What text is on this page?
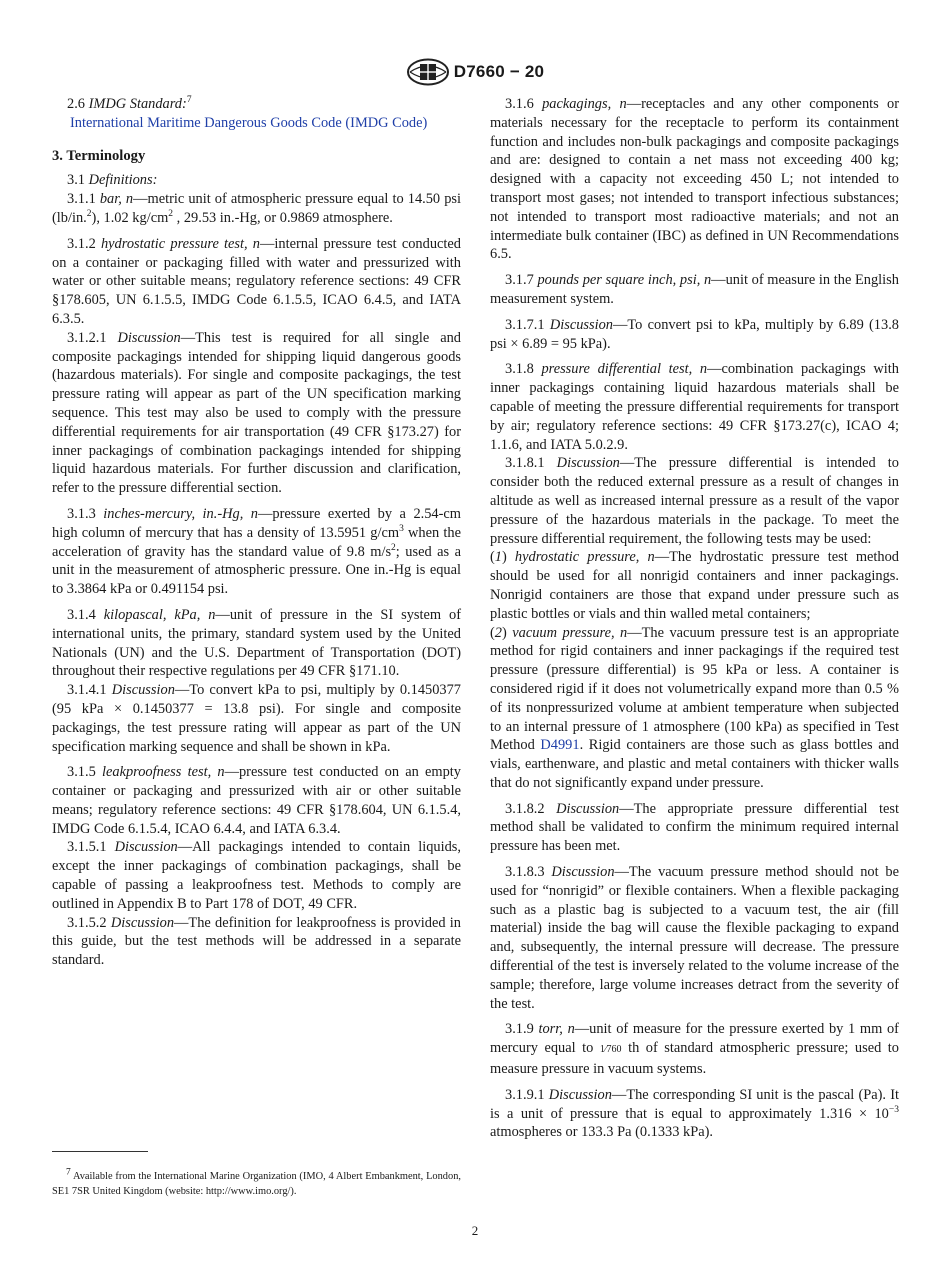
D7660 − 20

2.6 IMDG Standard:$^7$

International Maritime Dangerous Goods Code (IMDG Code)

3. Terminology

3.1 Definitions:

3.1.1 bar, n—metric unit of atmospheric pressure equal to 14.50 psi (lb/in.$^2$), 1.02 $kg/cm^2$ , 29.53 in.-Hg, or 0.9869 atmosphere.

3.1.2 hydrostatic pressure test, n—internal pressure test conducted on a container or packaging filled with water and pressurized with water or other suitable means; regulatory reference sections: 49 CFR §178.605, UN 6.1.5.5, IMDG Code 6.1.5.5, ICAO 6.4.5, and IATA 6.3.5.

3.1.2.1 Discussion—This test is required for all single and composite packagings intended for shipping liquid dangerous goods (hazardous materials). For single and composite packagings, the test pressure rating will appear as part of the UN specification marking sequence. This test may also be used to comply with the pressure differential requirements for air transportation (49 CFR §173.27) for inner packagings of combination packagings intended for shipping liquid hazardous materials. For further discussion and clarification, refer to the pressure differential section.

3.1.3 inches-mercury, in.-Hg, n—pressure exerted by a 2.54-cm high column of mercury that has a density of 13.5951 $g/cm^3$ when the acceleration of gravity has the standard value of 9.8 $m/s^2$; used as a unit in the measurement of atmospheric pressure. One in.-Hg is equal to 3.3864 kPa or 0.491154 psi.

3.1.4 kilopascal, kPa, n—unit of pressure in the SI system of international units, the primary, standard system used by the United Nationals (UN) and the U.S. Department of Transportation (DOT) throughout their respective regulations per 49 CFR §171.10.

3.1.4.1 Discussion—To convert kPa to psi, multiply by 0.1450377 (95 kPa × 0.1450377 = 13.8 psi). For single and composite packagings, the test pressure rating will appear as part of the UN specification marking sequence and shall be shown in kPa.

3.1.5 leakproofness test, n—pressure test conducted on an empty container or packaging and pressurized with air or other suitable means; regulatory reference sections: 49 CFR §178.604, UN 6.1.5.4, IMDG Code 6.1.5.4, ICAO 6.4.4, and IATA 6.3.4.

3.1.5.1 Discussion—All packagings intended to contain liquids, except the inner packagings of combination packagings, shall be capable of passing a leakproofness test. Methods to comply are outlined in Appendix B to Part 178 of DOT, 49 CFR.

3.1.5.2 Discussion—The definition for leakproofness is provided in this guide, but the test methods will be addressed in a separate standard.

3.1.6 packagings, n—receptacles and any other components or materials necessary for the receptacle to perform its containment function and includes non-bulk packagings and composite packagings and are: designed to contain a net mass not exceeding 400 kg; designed with a capacity not exceeding 450 L; not intended to transport most gases; not intended to transport infectious substances; not intended to transport most radioactive materials; and not an intermediate bulk container (IBC) as defined in UN Recommendations 6.5.

3.1.7 pounds per square inch, psi, n—unit of measure in the English measurement system.

3.1.7.1 Discussion—To convert psi to kPa, multiply by 6.89 (13.8 psi × 6.89 = 95 kPa).

3.1.8 pressure differential test, n—combination packagings with inner packagings containing liquid hazardous materials shall be capable of meeting the pressure differential requirements for transport by air; regulatory reference sections: 49 CFR §173.27(c), ICAO 4; 1.1.6, and IATA 5.0.2.9.

3.1.8.1 Discussion—The pressure differential is intended to consider both the reduced external pressure as a result of changes in altitude as well as increased internal pressure as a result of the vapor pressure of the hazardous materials in the package. To meet the pressure differential requirement, the following tests may be used:

(1) hydrostatic pressure, n—The hydrostatic pressure test method should be used for all nonrigid containers and inner packagings. Nonrigid containers are those that expand under pressure such as plastic bottles or vials and thin walled metal containers;

(2) vacuum pressure, n—The vacuum pressure test is an appropriate method for rigid containers and inner packagings if the required test pressure (pressure differential) is 95 kPa or less. A container is considered rigid if it does not volumetrically expand more than 0.5 % of its nonpressurized volume at ambient temperature when subjected to an internal pressure of 1 atmosphere (100 kPa) as specified in Test Method D4991. Rigid containers are those such as glass bottles and vials, earthenware, and plastic and metal containers with thicker walls that do not significantly expand under pressure.

3.1.8.2 Discussion—The appropriate pressure differential test method shall be validated to confirm the minimum required internal pressure has been met.

3.1.8.3 Discussion—The vacuum pressure method should not be used for “nonrigid” or flexible containers. When a flexible packaging such as a plastic bag is subjected to a vacuum test, the air (fill material) inside the bag will cause the flexible packaging to expand and, subsequently, the internal pressure will decrease. The pressure differential of the test is inversely related to the volume increase of the sample; therefore, large volume increases detract from the severity of the test.

3.1.9 torr, n—unit of measure for the pressure exerted by 1 mm of mercury equal to 1⁄760 th of standard atmospheric pressure; used to measure pressure in vacuum systems.

3.1.9.1 Discussion—The corresponding SI unit is the pascal (Pa). It is a unit of pressure that is equal to approximately $1.316 \times 10^{-3}$ atmospheres or 133.3 Pa (0.1333 kPa).

$^7$ Available from the International Marine Organization (IMO, 4 Albert Embankment, London, SE1 7SR United Kingdom (website: http://www.imo.org/).

2
